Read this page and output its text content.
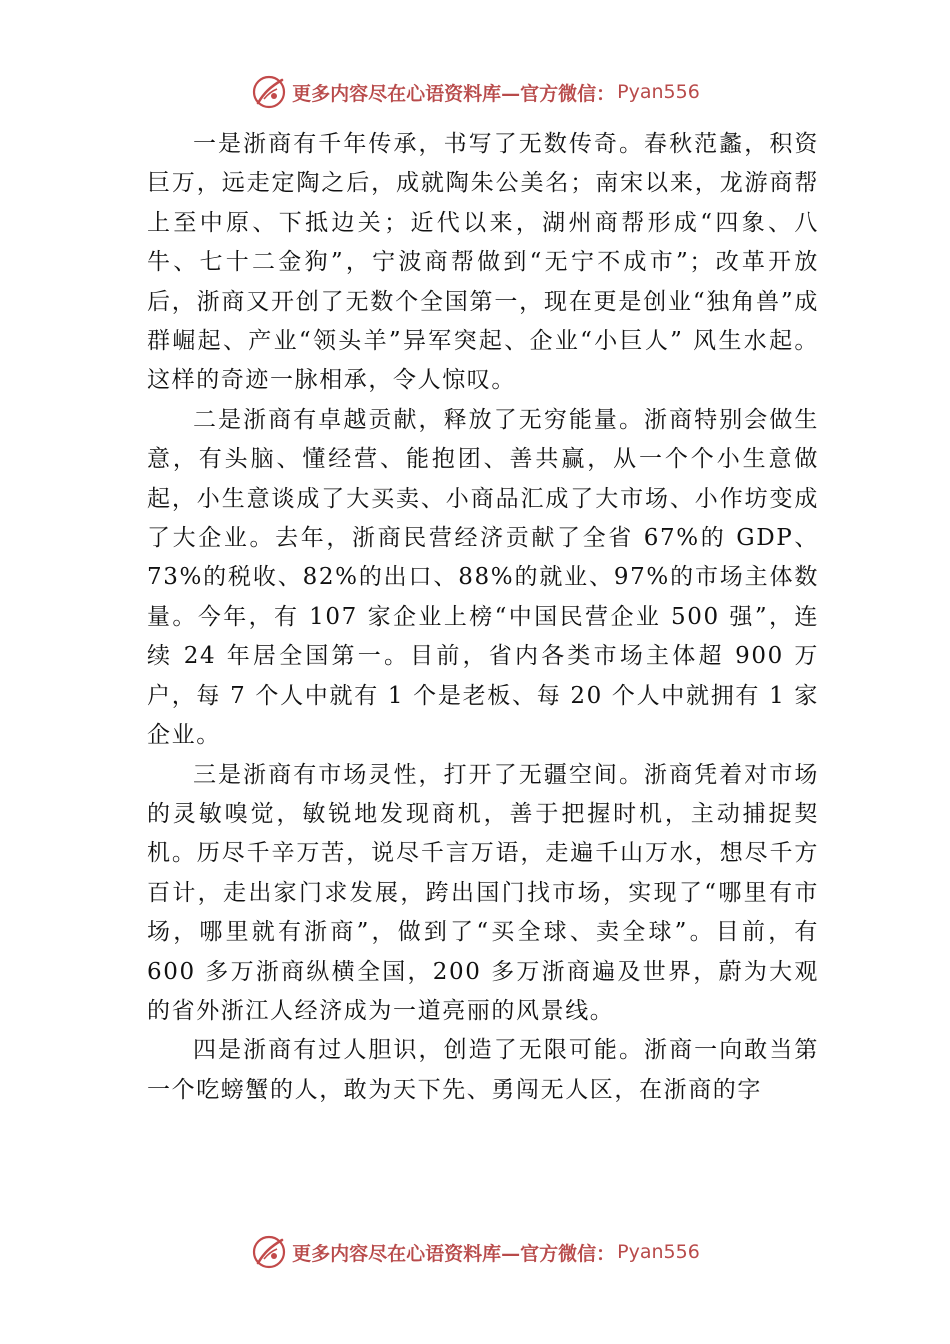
更多内容尽在心语资料库—官方微信： Pyan556

一是浙商有千年传承，书写了无数传奇。春秋范蠡，积资巨万，远走定陶之后，成就陶朱公美名；南宋以来，龙游商帮上至中原、下抵边关；近代以来，湖州商帮形成“四象、八牛、七十二金狗”，宁波商帮做到“无宁不成市”；改革开放后，浙商又开创了无数个全国第一，现在更是创业“独角兽”成群崛起、产业“领头羊”异军突起、企业“小巨人” 风生水起。这样的奇迹一脉相承，令人惊叹。

二是浙商有卓越贡献，释放了无穷能量。浙商特别会做生意，有头脑、懂经营、能抱团、善共赢，从一个个小生意做起，小生意谈成了大买卖、小商品汇成了大市场、小作坊变成了大企业。去年，浙商民营经济贡献了全省 67%的 GDP、73%的税收、82%的出口、88%的就业、97%的市场主体数量。今年，有 107 家企业上榜“中国民营企业 500 强”，连续 24 年居全国第一。目前，省内各类市场主体超 900 万户，每 7 个人中就有 1 个是老板、每 20 个人中就拥有 1 家企业。

三是浙商有市场灵性，打开了无疆空间。浙商凭着对市场的灵敏嗅觉，敏锐地发现商机，善于把握时机，主动捕捉契机。历尽千辛万苦，说尽千言万语，走遍千山万水，想尽千方百计，走出家门求发展，跨出国门找市场，实现了“哪里有市场，哪里就有浙商”，做到了“买全球、卖全球”。目前，有 600 多万浙商纵横全国，200 多万浙商遍及世界，蔚为大观的省外浙江人经济成为一道亮丽的风景线。

四是浙商有过人胆识，创造了无限可能。浙商一向敢当第一个吃螃蟹的人，敢为天下先、勇闯无人区，在浙商的字

更多内容尽在心语资料库—官方微信： Pyan556
